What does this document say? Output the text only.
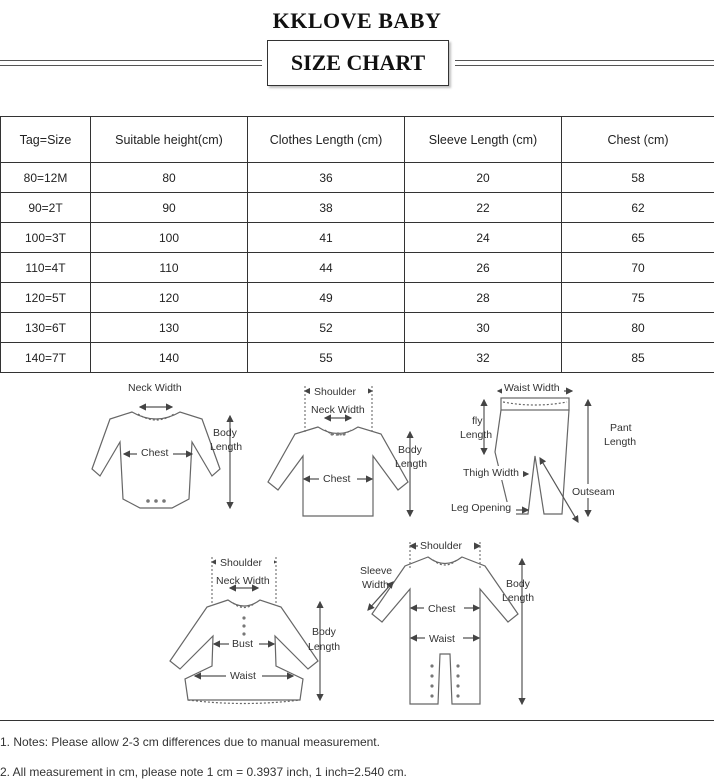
KKLOVE BABY
SIZE CHART
Tag=Size	Suitable height(cm)	Clothes Length (cm)	Sleeve Length (cm)	Chest (cm)
80=12M	80	36	20	58
90=2T	90	38	22	62
100=3T	100	41	24	65
110=4T	110	44	26	70
120=5T	120	49	28	75
130=6T	130	52	30	80
140=7T	140	55	32	85
Neck Width
Chest
Body
Length
Shoulder
Neck Width
Chest
Body
Length
Waist Width
fly
Length
Pant
Length
Thigh Width
Outseam
Leg Opening
Shoulder
Neck Width
Bust
Waist
Body
Length
Shoulder
Sleeve
Width
Chest
Waist
Body
Length
1. Notes: Please allow 2-3 cm differences due to manual measurement.
2. All measurement in cm, please note 1 cm = 0.3937 inch, 1 inch=2.540 cm.
